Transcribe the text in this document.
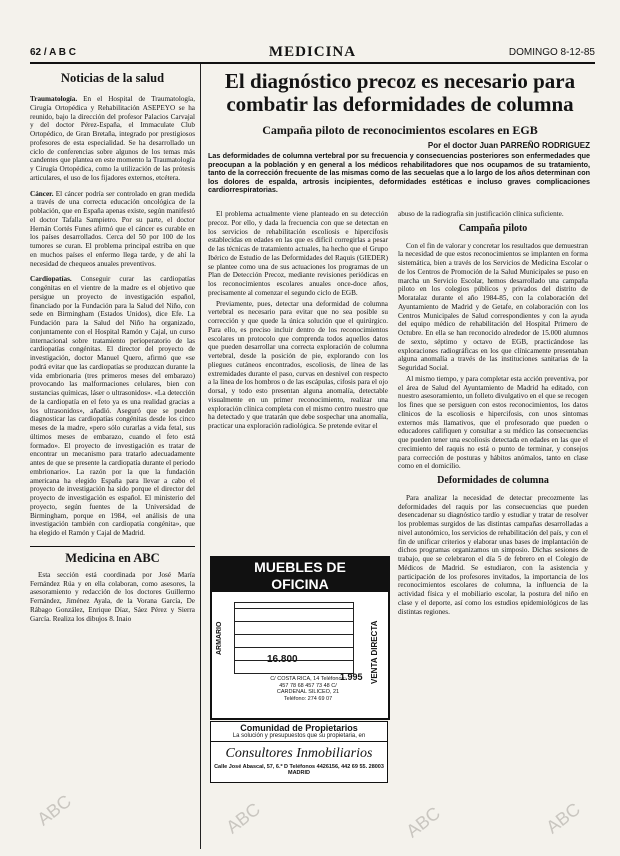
62 / A B C	MEDICINA	DOMINGO 8-12-85
Noticias de la salud

Traumatología. En el Hospital de Traumatología, Cirugía Ortopédica y Rehabilitación ASEPEYO se ha reunido, bajo la dirección del profesor Palacios Carvajal y del doctor Pérez-España, el Immaculate Club Ortopédico, de Gran Bretaña, integrado por prestigiosos profesores de esta especialidad. Se ha desarrollado un ciclo de conferencias sobre algunos de los temas más candentes que plantea en este momento la Traumatología y Cirugía Ortopédica, como la utilización de las prótesis articulares, el uso de los fijadores externos, etcétera.

Cáncer. El cáncer podría ser controlado en gran medida a través de una correcta educación oncológica de la población, que en España apenas existe, según manifestó el doctor Tafalla Sampietro. Por su parte, el doctor Hernán Cortés Funes afirmó que el cáncer es curable en los países desarrollados. Cerca del 50 por 100 de los tumores se curan. El problema principal estriba en que en muchos países el enfermo llega tarde, y de ahí la necesidad de chequeos anuales preventivos.

Cardiopatías. Conseguir curar las cardiopatías congénitas en el vientre de la madre es el objetivo que persigue un proyecto de investigación español, financiado por la Fundación para la Salud del Niño, con sede en Birmingham (Estados Unidos), dice Efe. La Fundación para la Salud del Niño ha organizado, conjuntamente con el Hospital Ramón y Cajal, un curso internacional sobre tratamiento perioperatorio de las cardiopatías congénitas. El director del proyecto de investigación, doctor Manuel Quero, afirmó que «se podrá evitar que las cardiopatías se produzcan durante la vida embrionaria (tres primeros meses del embarazo) provocando las malformaciones celulares, bien con sustancias químicas, láser o ultrasonidos». «La detección de la cardiopatía en el feto ya es una realidad gracias a los ultrasonidos», añadió. Aseguró que se pueden diagnosticar las cardiopatías congénitas desde los cinco meses de la madre, «pero sólo curarlas a vida fetal, sus últimos meses de embarazo, cuando el feto está formado». El proyecto de investigación es tratar de encontrar un mecanismo para tratarlo adecuadamente antes de que se presente la cardiopatía durante el periodo embrionario». La razón por la que la fundación americana ha elegido España para llevar a cabo el proyecto de investigación ha sido porque el director del proyecto de investigación es español. El ministerio del proyecto, según fuentes de la Universidad de Birmingham, porque en 1984, «el análisis de una investigación también con cardiopatía congénita», que ha elegido el Ramón y Cajal de Madrid.

Medicina en ABC

Esta sección está coordinada por José María Fernández Rúa y en ella colaboran, como asesores, la asesoramiento y redacción de los doctores Guillermo Fernández, Jiménez Ayala, de la Vorana García, De Rábago González, Enrique Díaz, Sáez Pérez y Sierra García. Realiza los dibujos 8. Inaio

El diagnóstico precoz es necesario para combatir las deformidades de columna
Campaña piloto de reconocimientos escolares en EGB
Por el doctor Juan PARREÑO RODRIGUEZ
Las deformidades de columna vertebral por su frecuencia y consecuencias posteriores son enfermedades que preocupan a la población y en general a los médicos rehabilitadores que nos ocupamos de su tratamiento, tanto de la corrección frecuente de las mismas como de las secuelas que a lo largo de los años determinan con los dolores de espalda, artrosis incipientes, deformidades estéticas e incluso graves complicaciones cardiorrespiratorias.

El problema actualmente viene planteado en su detección precoz. Por ello, y dada la frecuencia con que se detectan en los servicios de rehabilitación escoliosis e hipercifosis establecidas en edades en las que es difícil corregirlas a pesar de las técnicas de tratamiento actuales, ha hecho que el Grupo Ibérico de Estudio de las Deformidades del Raquis (GIEDER) se plantee como una de sus actuaciones los programas de un Plan de Detección Precoz, mediante revisiones periódicas en los reconocimientos escolares anuales once-doce años, precisamente al comenzar el segundo ciclo de EGB.

Previamente, pues, detectar una deformidad de columna vertebral es necesario para evitar que no sea posible su corrección y que quede la única solución que el quirúrgico. Para ello, es preciso incluir dentro de los reconocimientos escolares un protocolo que comprenda todos aquellos datos que pueden desarrollar una correcta exploración de columna vertebral, desde la posición de pie, explorando con los pliegues cutáneos encontrados, escoliosis, de línea de las extremidades durante el paso, curvas en desnivel con respecto a la línea de los hombros o de las escápulas, cifosis para el ojo dorsal, y todo esto presentan alguna anomalía, detectable visualmente en un primer reconocimiento, realizar una exploración clínica completa con el mismo centro nuestro que ha detectado y que tratarán que debe sospechar una anomalía, practicar una exploración radiológica. Se pretende evitar el

abuso de la radiografía sin justificación clínica suficiente.

Campaña piloto

Con el fin de valorar y concretar los resultados que demuestran la necesidad de que estos reconocimientos se implanten en forma sistemática, bien a través de los Servicios de Medicina Escolar o de los Centros de Promoción de la Salud Municipales se puso en marcha un Servicio Escolar, hemos desarrollado una campaña piloto en los colegios públicos y privados del distrito de Moratalaz durante el año 1984-85, con la colaboración del Ayuntamiento de Madrid y de Getafe, en colaboración con los Centros Municipales de Salud correspondientes y con la ayuda del equipo médico de rehabilitación del Hospital Primero de Octubre. En ella se han reconocido alrededor de 15.000 alumnos de sexto, séptimo y octavo de EGB, practicándose las exploraciones radiográficas en los que clínicamente presentaban alguna anomalía a través de las instituciones sanitarias de la Seguridad Social.

Al mismo tiempo, y para completar esta acción preventiva, por el área de Salud del Ayuntamiento de Madrid ha editado, con nuestro asesoramiento, un folleto divulgativo en el que se recogen los fines que se persiguen con estos reconocimientos, los datos clínicos de la escoliosis e hipercifosis, con unos síntomas externos más llamativos, que el profesorado que pueden o educadores califiquen y consultar a su médico las consecuencias que pueden tener una escoliosis detectada en edades en las que el crecimiento del raquis no está o punto de terminar, y consejos para corrección de posturas y hábitos anómalos, tanto en clase como en el domicilio.

Deformidades de columna

Para analizar la necesidad de detectar precozmente las deformidades del raquis por las consecuencias que pueden desencadenar su diagnóstico tardío y estudiar y tratar de resolver los problemas surgidos de las distintas campañas desarrolladas a nivel autonómico, los servicios de rehabilitación del país, y con el fin de unificar criterios y elaborar unas bases de implantación de dichos programas organizamos un simposio. Dichas sesiones de trabajo, que se celebraron el día 5 de febrero en el Colegio de Médicos de Madrid. Se estudiaron, con la asistencia y participación de los profesores invitados, la importancia de los reconocimientos escolares de columna, la influencia de la actividad física y el mobiliario escolar, la postura del niño en clase y el deporte, así como los estudios epidemiológicos de las distintas regiones.

MUEBLES DE
OFICINA
ARMARIO	VENTA DIRECTA
16.800
1.995
C/ COSTA RICA, 14 Teléfonos: 457 78 68 457 73 48 C/ CARDENAL SILICEO, 21 Teléfono: 274 69 07
Comunidad de Propietarios
La solución y presupuestos que su propietaria, en
Consultores Inmobiliarios
Calle José Abascal, 57, 6.º D Teléfonos 4426156, 442 69 55. 28003 MADRID
ABC	ABC	ABC	ABC
